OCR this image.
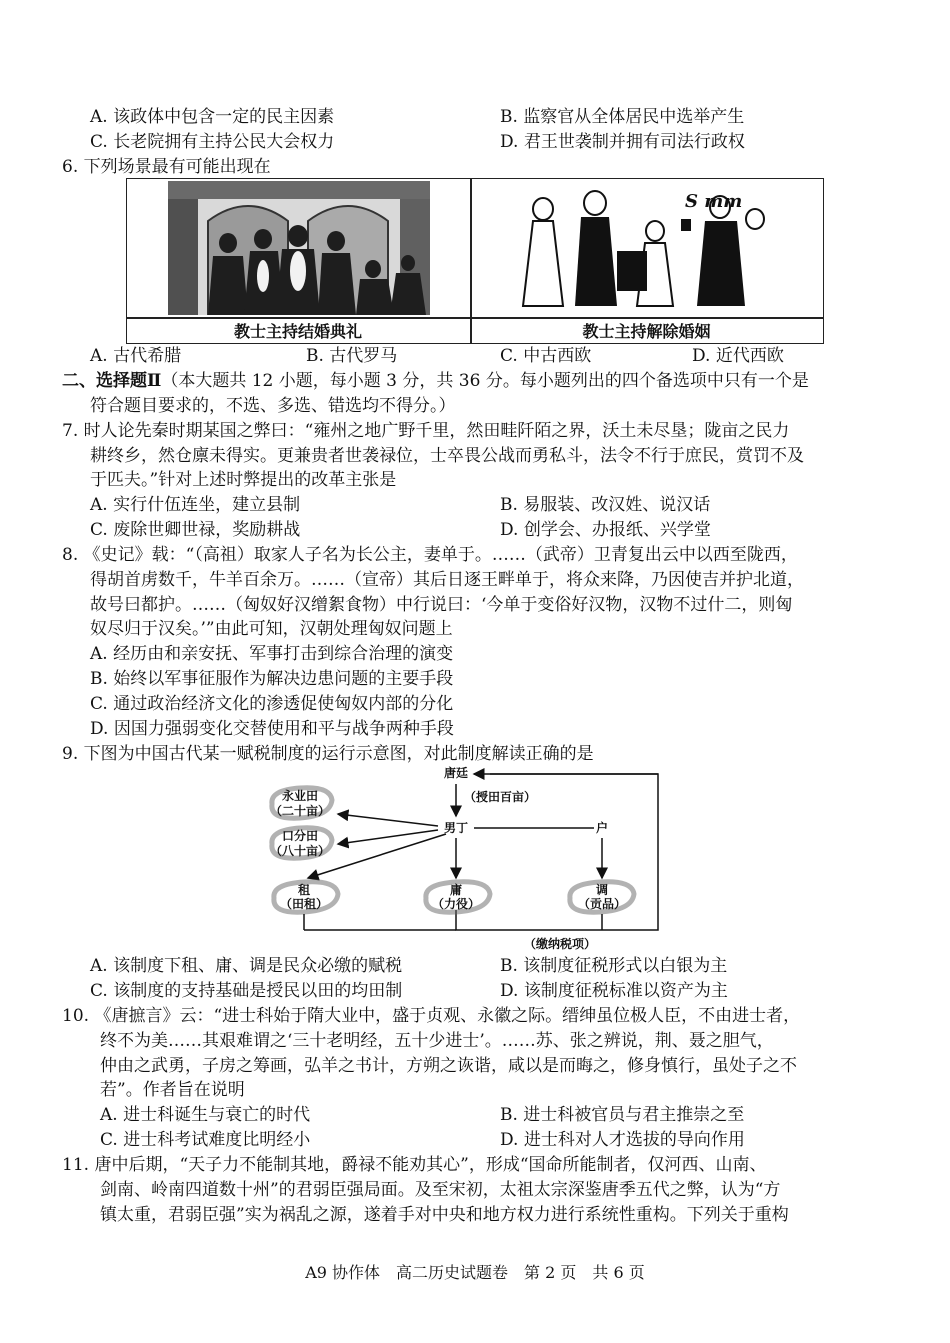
A. 该政体中包含一定的民主因素	B. 监察官从全体居民中选举产生
C. 长老院拥有主持公民大会权力	D. 君王世袭制并拥有司法行政权
6. 下列场景最有可能出现在
S mm
教士主持结婚典礼	教士主持解除婚姻
A. 古代希腊	B. 古代罗马	C. 中古西欧	D. 近代西欧
二、选择题Ⅱ（本大题共 12 小题，每小题 3 分，共 36 分。每小题列出的四个备选项中只有一个是
符合题目要求的，不选、多选、错选均不得分。）
7. 时人论先秦时期某国之弊曰：“雍州之地广野千里，然田畦阡陌之界，沃土未尽垦；陇亩之民力
耕终乡，然仓廪未得实。更兼贵者世袭禄位，士卒畏公战而勇私斗，法令不行于庶民，赏罚不及
于匹夫。”针对上述时弊提出的改革主张是
A. 实行什伍连坐，建立县制	B. 易服装、改汉姓、说汉话
C. 废除世卿世禄，奖励耕战	D. 创学会、办报纸、兴学堂
8. 《史记》载：“（高祖）取家人子名为长公主，妻单于。……（武帝）卫青复出云中以西至陇西，
得胡首虏数千，牛羊百余万。……（宣帝）其后日逐王畔单于，将众来降，乃因使吉并护北道，
故号曰都护。……（匈奴好汉缯絮食物）中行说曰：‘今单于变俗好汉物，汉物不过什二，则匈
奴尽归于汉矣。’”由此可知，汉朝处理匈奴问题上
A. 经历由和亲安抚、军事打击到综合治理的演变
B. 始终以军事征服作为解决边患问题的主要手段
C. 通过政治经济文化的渗透促使匈奴内部的分化
D. 因国力强弱变化交替使用和平与战争两种手段
9. 下图为中国古代某一赋税制度的运行示意图，对此制度解读正确的是
唐廷
（授田百亩）
永业田
（二十亩）
口分田
（八十亩）
男丁	户
租
（田租）
庸
（力役）
调
（贡品）
（缴纳税项）
A. 该制度下租、庸、调是民众必缴的赋税	B. 该制度征税形式以白银为主
C. 该制度的支持基础是授民以田的均田制	D. 该制度征税标准以资产为主
10. 《唐摭言》云：“进士科始于隋大业中，盛于贞观、永徽之际。缙绅虽位极人臣，不由进士者，
终不为美……其艰难谓之‘三十老明经，五十少进士’。……苏、张之辨说，荆、聂之胆气，
仲由之武勇，子房之筹画，弘羊之书计，方朔之诙谐，咸以是而晦之，修身慎行，虽处子之不
若”。作者旨在说明
A. 进士科诞生与衰亡的时代	B. 进士科被官员与君主推崇之至
C. 进士科考试难度比明经小	D. 进士科对人才选拔的导向作用
11. 唐中后期，“天子力不能制其地，爵禄不能劝其心”，形成“国命所能制者，仅河西、山南、
剑南、岭南四道数十州”的君弱臣强局面。及至宋初，太祖太宗深鉴唐季五代之弊，认为“方
镇太重，君弱臣强”实为祸乱之源，遂着手对中央和地方权力进行系统性重构。下列关于重构
A9 协作体　高二历史试题卷　第 2 页　共 6 页
